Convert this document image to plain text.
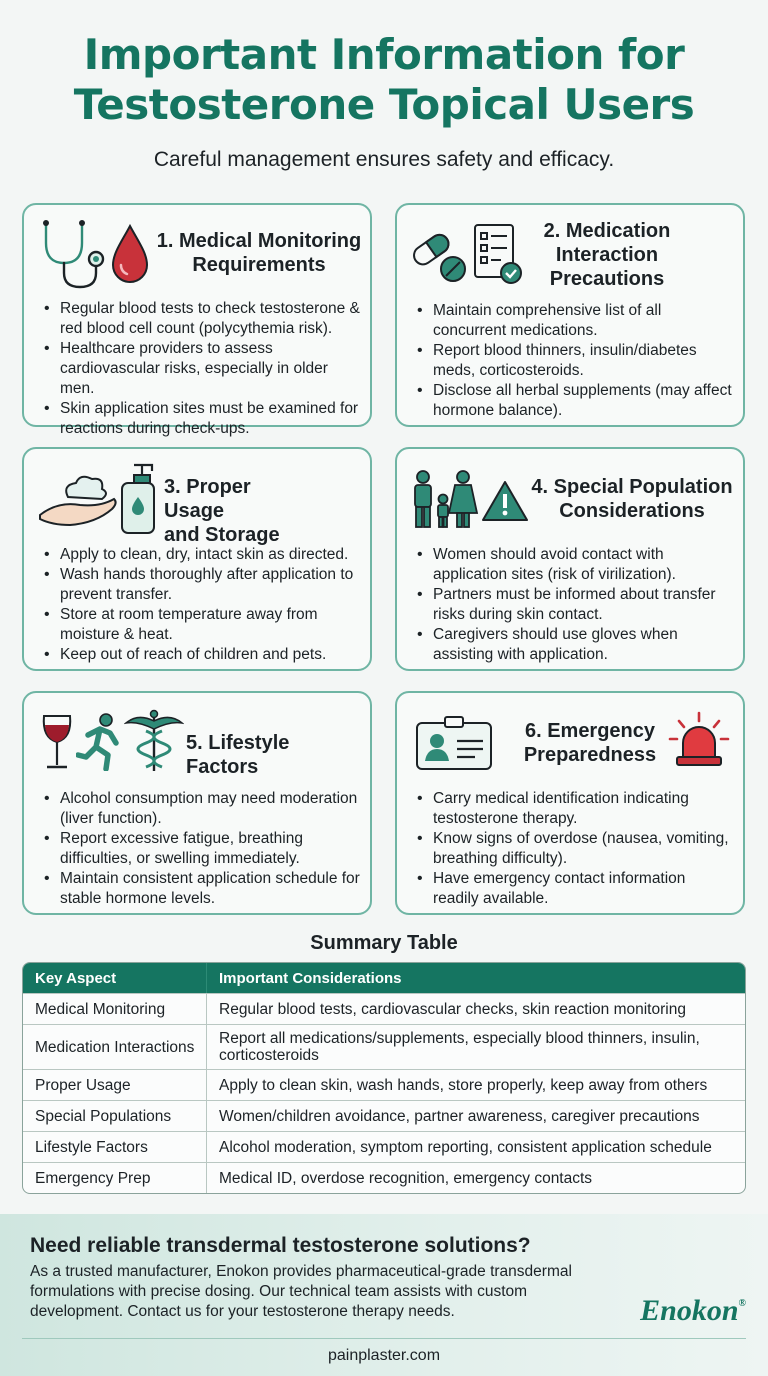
Important Information for
Testosterone Topical Users
Careful management ensures safety and efficacy.
1. Medical Monitoring
Requirements
• Regular blood tests to check testosterone & red blood cell count (polycythemia risk).
• Healthcare providers to assess cardiovascular risks, especially in older men.
• Skin application sites must be examined for reactions during check-ups.
2. Medication
Interaction
Precautions
• Maintain comprehensive list of all concurrent medications.
• Report blood thinners, insulin/diabetes meds, corticosteroids.
• Disclose all herbal supplements (may affect hormone balance).
3. Proper Usage
and Storage
• Apply to clean, dry, intact skin as directed.
• Wash hands thoroughly after application to prevent transfer.
• Store at room temperature away from moisture & heat.
• Keep out of reach of children and pets.
4. Special Population
Considerations
• Women should avoid contact with application sites (risk of virilization).
• Partners must be informed about transfer risks during skin contact.
• Caregivers should use gloves when assisting with application.
5. Lifestyle Factors
• Alcohol consumption may need moderation (liver function).
• Report excessive fatigue, breathing difficulties, or swelling immediately.
• Maintain consistent application schedule for stable hormone levels.
6. Emergency
Preparedness
• Carry medical identification indicating testosterone therapy.
• Know signs of overdose (nausea, vomiting, breathing difficulty).
• Have emergency contact information readily available.
Summary Table
Key Aspect	Important Considerations
Medical Monitoring	Regular blood tests, cardiovascular checks, skin reaction monitoring
Medication Interactions	Report all medications/supplements, especially blood thinners, insulin, corticosteroids
Proper Usage	Apply to clean skin, wash hands, store properly, keep away from others
Special Populations	Women/children avoidance, partner awareness, caregiver precautions
Lifestyle Factors	Alcohol moderation, symptom reporting, consistent application schedule
Emergency Prep	Medical ID, overdose recognition, emergency contacts
Need reliable transdermal testosterone solutions?
As a trusted manufacturer, Enokon provides pharmaceutical-grade transdermal formulations with precise dosing. Our technical team assists with custom development. Contact us for your testosterone therapy needs.	Enokon®
painplaster.com
